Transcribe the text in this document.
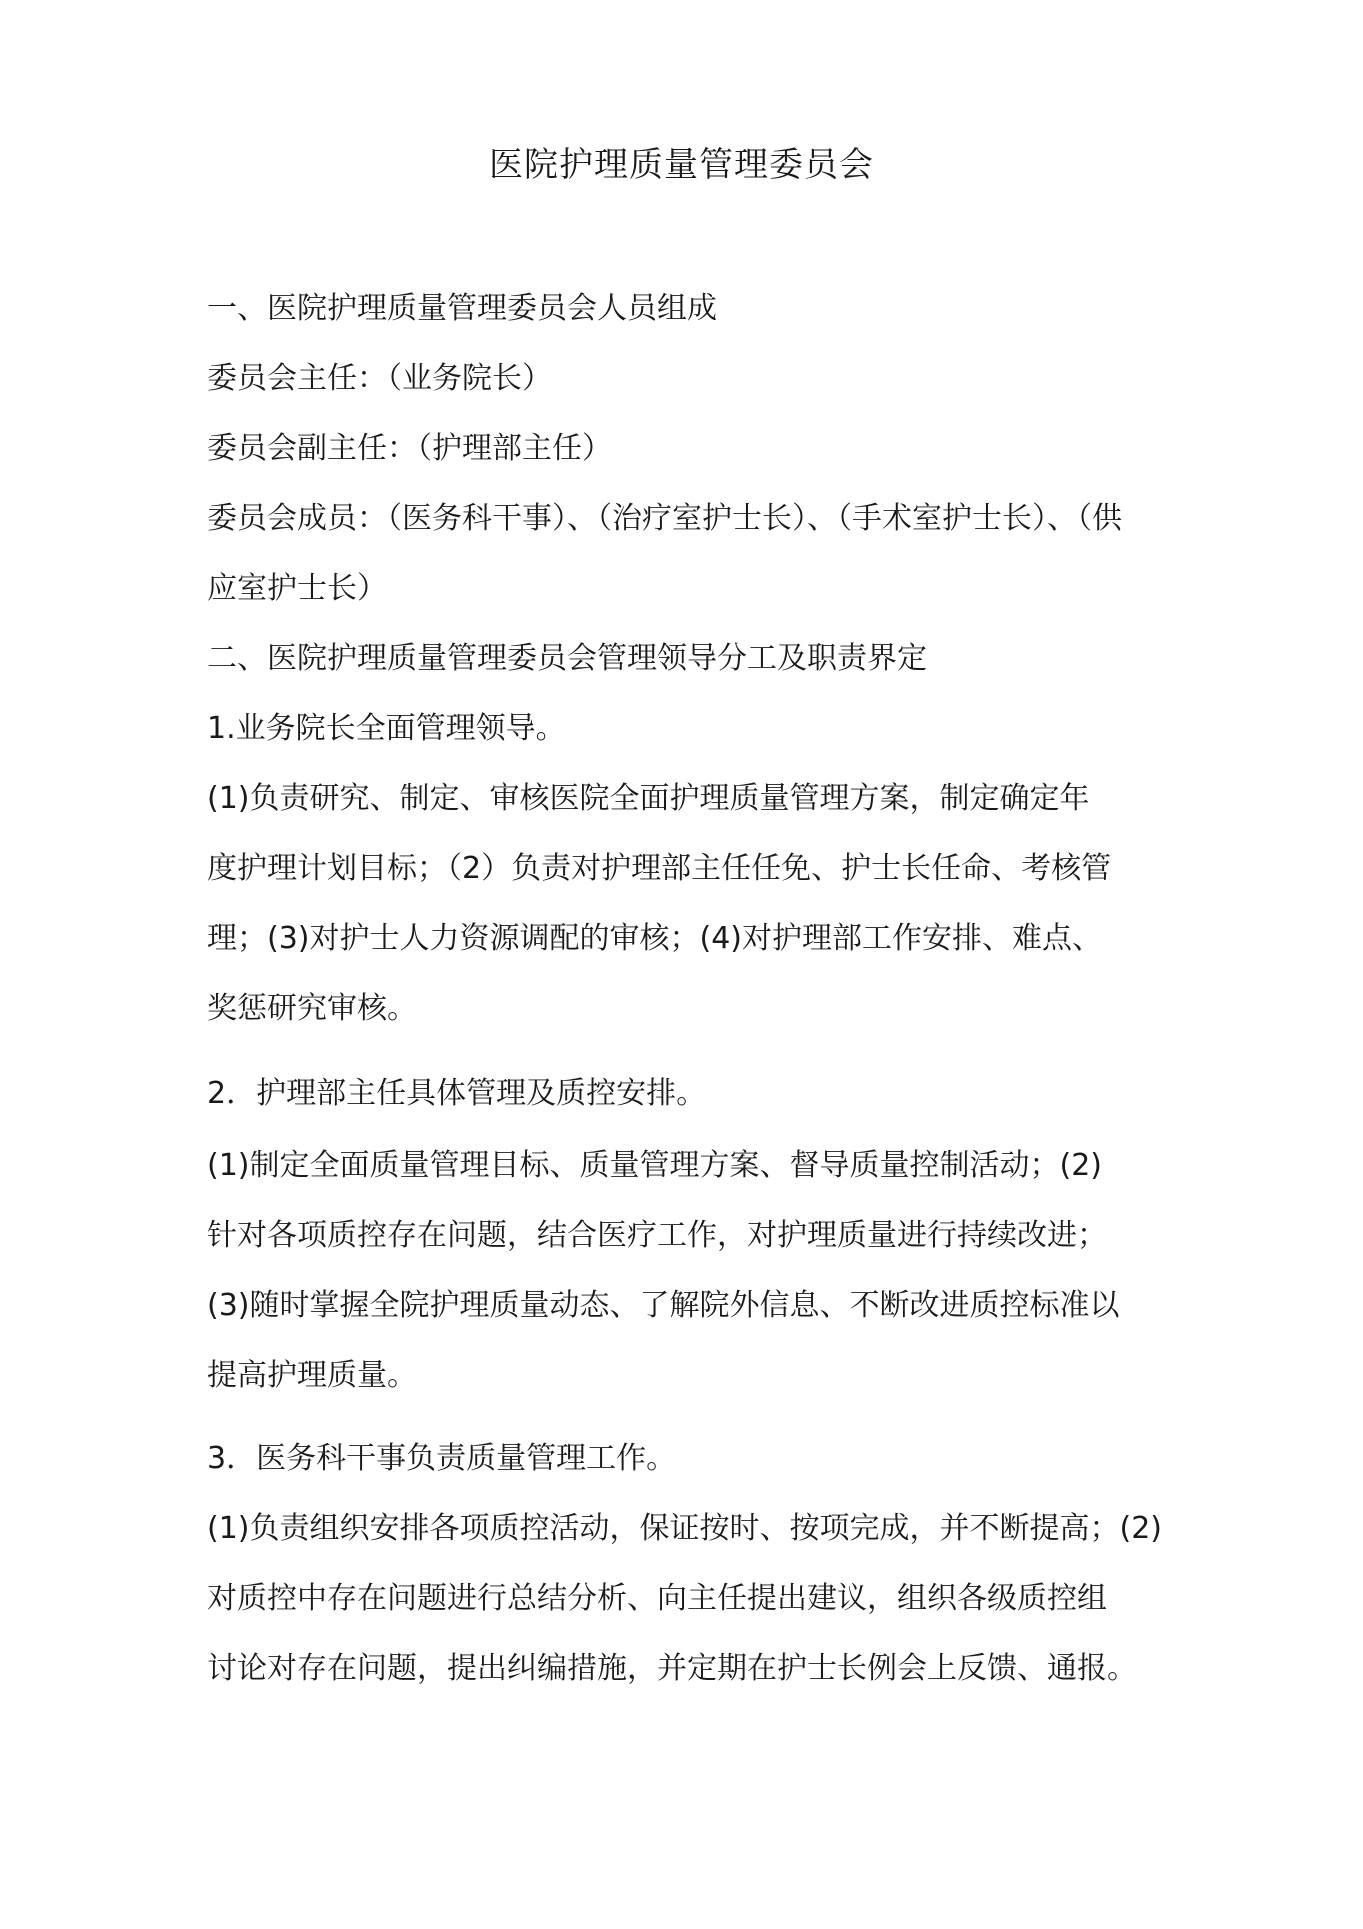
医院护理质量管理委员会
一、医院护理质量管理委员会人员组成
委员会主任：（业务院长）
委员会副主任：（护理部主任）
委员会成员：（医务科干事）、（治疗室护士长）、（手术室护士长）、（供
应室护士长）
二、医院护理质量管理委员会管理领导分工及职责界定
1.业务院长全面管理领导。
(1)负责研究、制定、审核医院全面护理质量管理方案，制定确定年
度护理计划目标；（2）负责对护理部主任任免、护士长任命、考核管
理；(3)对护士人力资源调配的审核；(4)对护理部工作安排、难点、
奖惩研究审核。
2．护理部主任具体管理及质控安排。
(1)制定全面质量管理目标、质量管理方案、督导质量控制活动；(2)
针对各项质控存在问题，结合医疗工作，对护理质量进行持续改进；
(3)随时掌握全院护理质量动态、了解院外信息、不断改进质控标准以
提高护理质量。
3．医务科干事负责质量管理工作。
(1)负责组织安排各项质控活动，保证按时、按项完成，并不断提高；(2)
对质控中存在问题进行总结分析、向主任提出建议，组织各级质控组
讨论对存在问题，提出纠编措施，并定期在护士长例会上反馈、通报。
